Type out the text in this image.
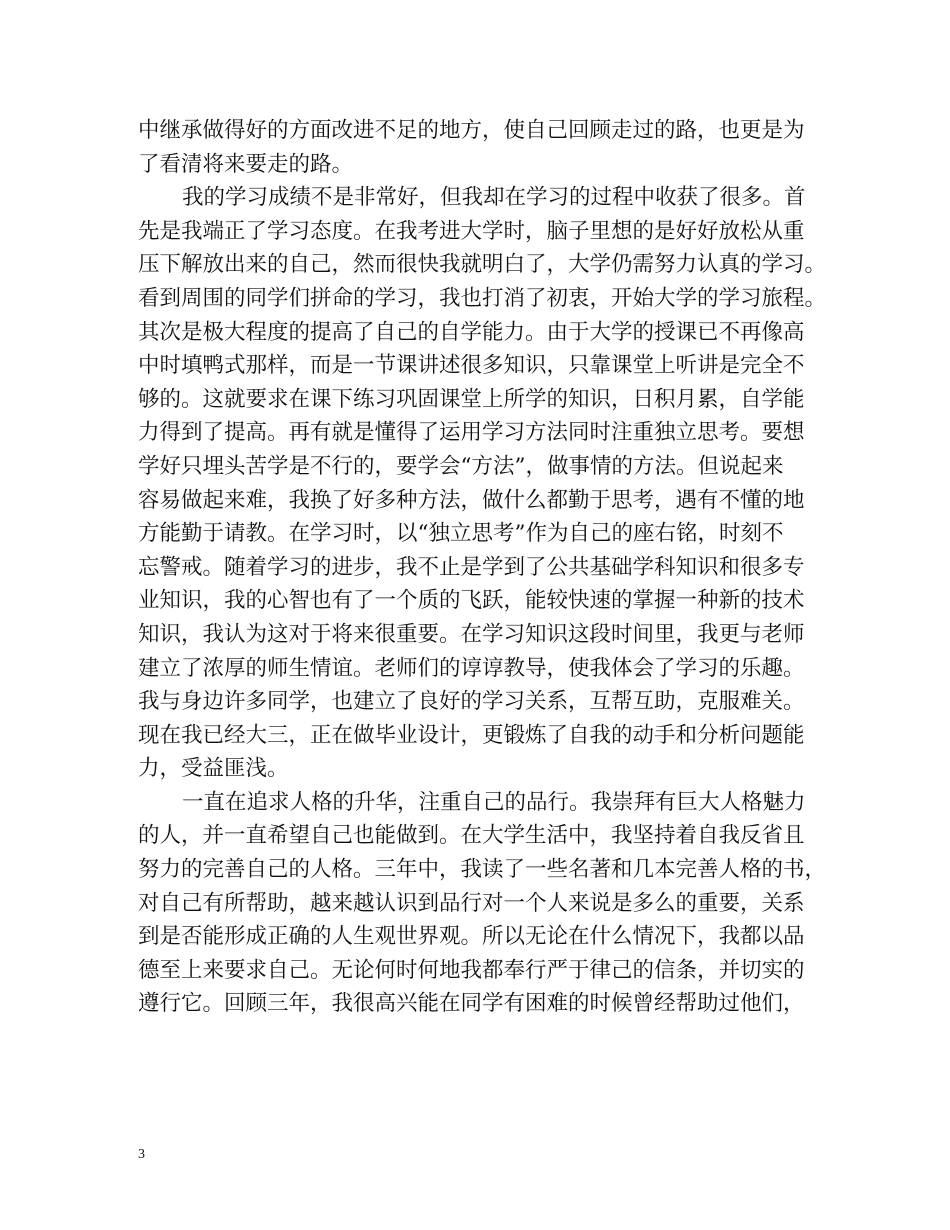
中继承做得好的方面改进不足的地方，使自己回顾走过的路，也更是为
了看清将来要走的路。
我的学习成绩不是非常好，但我却在学习的过程中收获了很多。首
先是我端正了学习态度。在我考进大学时，脑子里想的是好好放松从重
压下解放出来的自己，然而很快我就明白了，大学仍需努力认真的学习。
看到周围的同学们拼命的学习，我也打消了初衷，开始大学的学习旅程。
其次是极大程度的提高了自己的自学能力。由于大学的授课已不再像高
中时填鸭式那样，而是一节课讲述很多知识，只靠课堂上听讲是完全不
够的。这就要求在课下练习巩固课堂上所学的知识，日积月累，自学能
力得到了提高。再有就是懂得了运用学习方法同时注重独立思考。要想
学好只埋头苦学是不行的，要学会“方法”，做事情的方法。但说起来
容易做起来难，我换了好多种方法，做什么都勤于思考，遇有不懂的地
方能勤于请教。在学习时，以“独立思考”作为自己的座右铭，时刻不
忘警戒。随着学习的进步，我不止是学到了公共基础学科知识和很多专
业知识，我的心智也有了一个质的飞跃，能较快速的掌握一种新的技术
知识，我认为这对于将来很重要。在学习知识这段时间里，我更与老师
建立了浓厚的师生情谊。老师们的谆谆教导，使我体会了学习的乐趣。
我与身边许多同学，也建立了良好的学习关系，互帮互助，克服难关。
现在我已经大三，正在做毕业设计，更锻炼了自我的动手和分析问题能
力，受益匪浅。
一直在追求人格的升华，注重自己的品行。我崇拜有巨大人格魅力
的人，并一直希望自己也能做到。在大学生活中，我坚持着自我反省且
努力的完善自己的人格。三年中，我读了一些名著和几本完善人格的书，
对自己有所帮助，越来越认识到品行对一个人来说是多么的重要，关系
到是否能形成正确的人生观世界观。所以无论在什么情况下，我都以品
德至上来要求自己。无论何时何地我都奉行严于律己的信条，并切实的
遵行它。回顾三年，我很高兴能在同学有困难的时候曾经帮助过他们，
3
